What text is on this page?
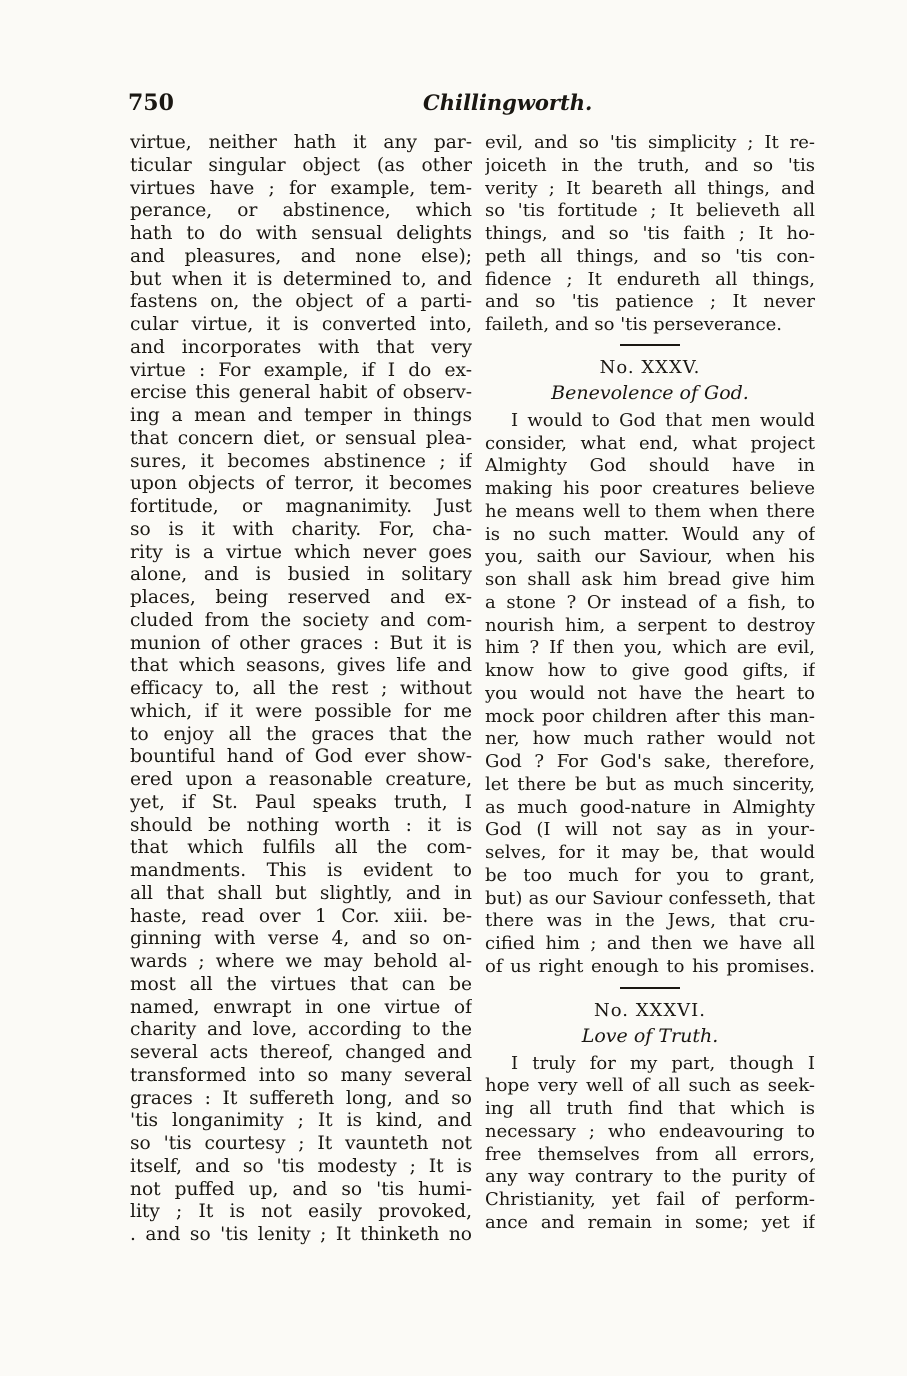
750	Chillingworth.
virtue, neither hath it any par-
ticular singular object (as other
virtues have ; for example, tem-
perance, or abstinence, which
hath to do with sensual delights
and pleasures, and none else);
but when it is determined to, and
fastens on, the object of a parti-
cular virtue, it is converted into,
and incorporates with that very
virtue : For example, if I do ex-
ercise this general habit of observ-
ing a mean and temper in things
that concern diet, or sensual plea-
sures, it becomes abstinence ; if
upon objects of terror, it becomes
fortitude, or magnanimity. Just
so is it with charity. For, cha-
rity is a virtue which never goes
alone, and is busied in solitary
places, being reserved and ex-
cluded from the society and com-
munion of other graces : But it is
that which seasons, gives life and
efficacy to, all the rest ; without
which, if it were possible for me
to enjoy all the graces that the
bountiful hand of God ever show-
ered upon a reasonable creature,
yet, if St. Paul speaks truth, I
should be nothing worth : it is
that which fulfils all the com-
mandments. This is evident to
all that shall but slightly, and in
haste, read over 1 Cor. xiii. be-
ginning with verse 4, and so on-
wards ; where we may behold al-
most all the virtues that can be
named, enwrapt in one virtue of
charity and love, according to the
several acts thereof, changed and
transformed into so many several
graces : It suffereth long, and so
'tis longanimity ; It is kind, and
so 'tis courtesy ; It vaunteth not
itself, and so 'tis modesty ; It is
not puffed up, and so 'tis humi-
lity ; It is not easily provoked,
. and so 'tis lenity ; It thinketh no
evil, and so 'tis simplicity ; It re-
joiceth in the truth, and so 'tis
verity ; It beareth all things, and
so 'tis fortitude ; It believeth all
things, and so 'tis faith ; It ho-
peth all things, and so 'tis con-
fidence ; It endureth all things,
and so 'tis patience ; It never
faileth, and so 'tis perseverance.
No. XXXV.
Benevolence of God.
I would to God that men would
consider, what end, what project
Almighty God should have in
making his poor creatures believe
he means well to them when there
is no such matter. Would any of
you, saith our Saviour, when his
son shall ask him bread give him
a stone ? Or instead of a fish, to
nourish him, a serpent to destroy
him ? If then you, which are evil,
know how to give good gifts, if
you would not have the heart to
mock poor children after this man-
ner, how much rather would not
God ? For God's sake, therefore,
let there be but as much sincerity,
as much good-nature in Almighty
God (I will not say as in your-
selves, for it may be, that would
be too much for you to grant,
but) as our Saviour confesseth, that
there was in the Jews, that cru-
cified him ; and then we have all
of us right enough to his promises.
No. XXXVI.
Love of Truth.
I truly for my part, though I
hope very well of all such as seek-
ing all truth find that which is
necessary ; who endeavouring to
free themselves from all errors,
any way contrary to the purity of
Christianity, yet fail of perform-
ance and remain in some; yet if
